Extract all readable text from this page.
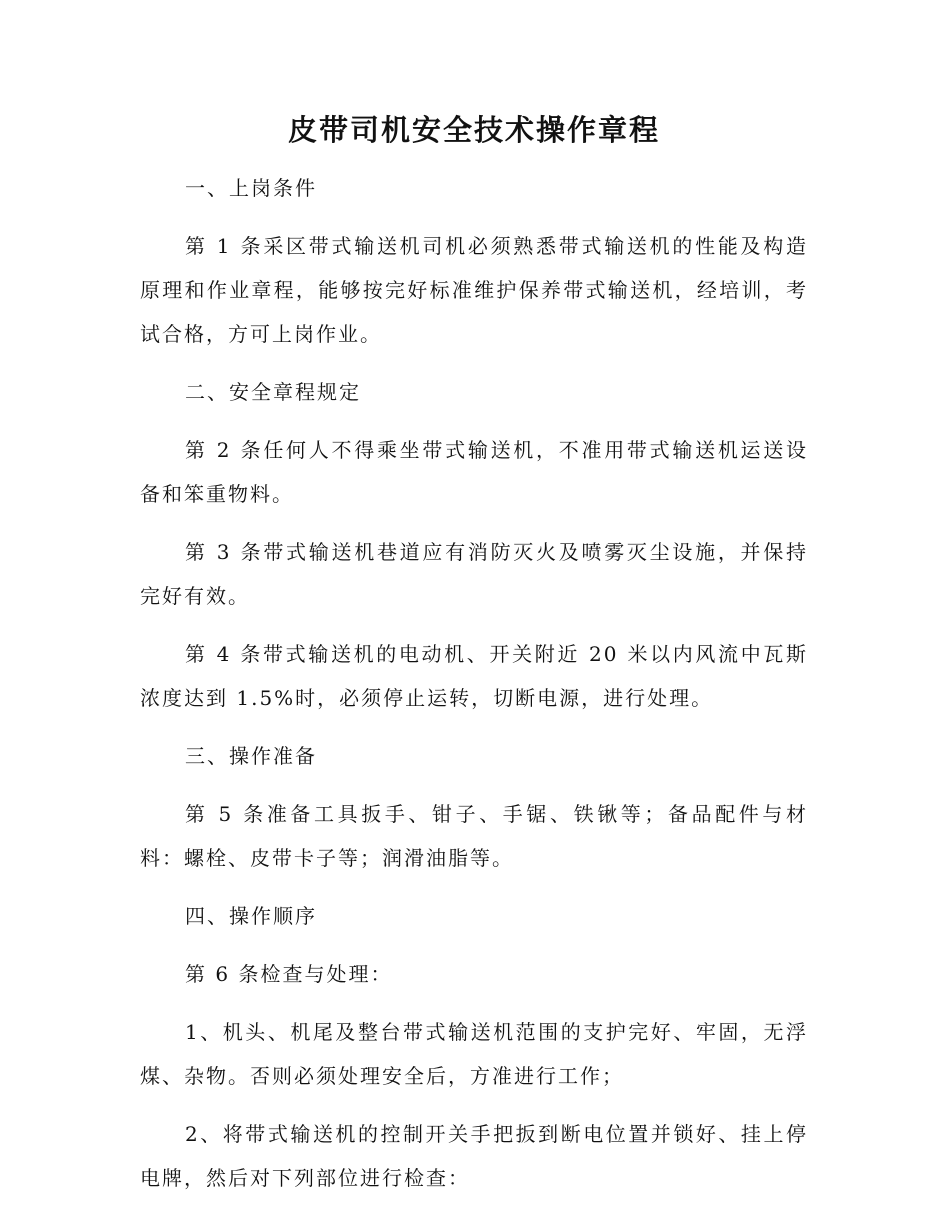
皮带司机安全技术操作章程

一、上岗条件

第 1 条采区带式输送机司机必须熟悉带式输送机的性能及构造原理和作业章程，能够按完好标准维护保养带式输送机，经培训，考试合格，方可上岗作业。

二、安全章程规定

第 2 条任何人不得乘坐带式输送机，不准用带式输送机运送设备和笨重物料。

第 3 条带式输送机巷道应有消防灭火及喷雾灭尘设施，并保持完好有效。

第 4 条带式输送机的电动机、开关附近 20 米以内风流中瓦斯浓度达到 1.5%时，必须停止运转，切断电源，进行处理。

三、操作准备

第 5 条准备工具扳手、钳子、手锯、铁锹等；备品配件与材料：螺栓、皮带卡子等；润滑油脂等。

四、操作顺序

第 6 条检查与处理：

1、机头、机尾及整台带式输送机范围的支护完好、牢固，无浮煤、杂物。否则必须处理安全后，方准进行工作；

2、将带式输送机的控制开关手把扳到断电位置并锁好、挂上停电牌，然后对下列部位进行检查：
